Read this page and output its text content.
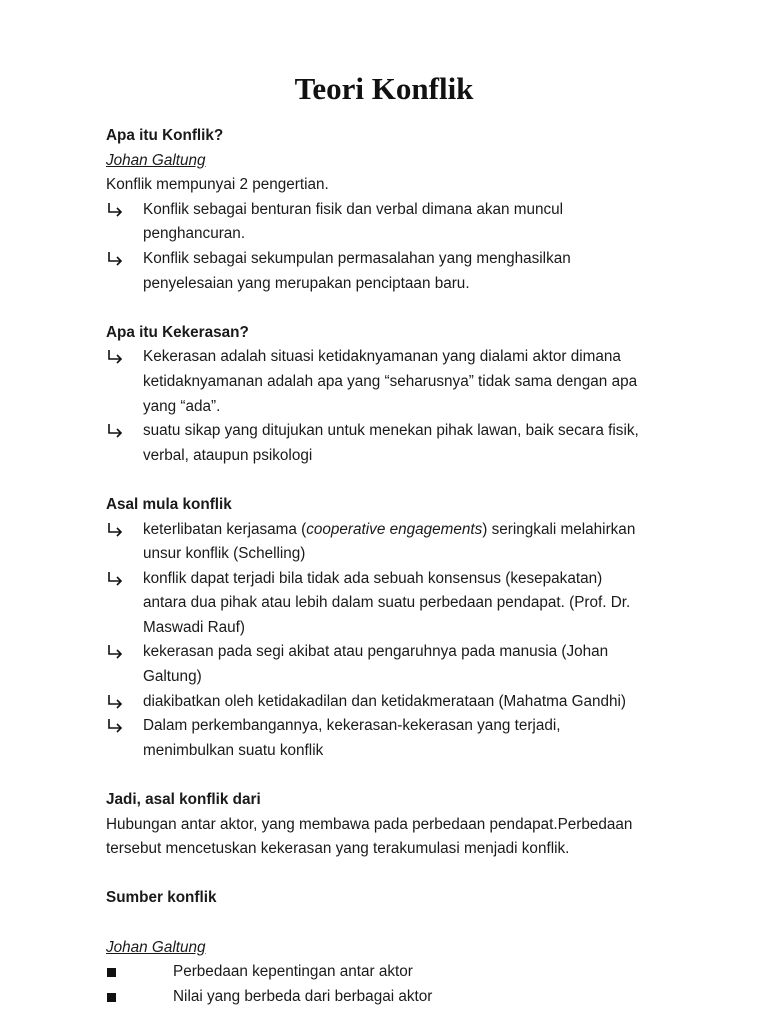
Teori Konflik
Apa itu Konflik?
Johan Galtung
Konflik mempunyai 2 pengertian.
Konflik sebagai benturan fisik dan verbal dimana akan muncul
penghancuran.
Konflik sebagai sekumpulan permasalahan yang menghasilkan
penyelesaian yang merupakan penciptaan baru.
Apa itu Kekerasan?
Kekerasan adalah situasi ketidaknyamanan yang dialami aktor dimana
ketidaknyamanan adalah apa yang “seharusnya” tidak sama dengan apa
yang “ada”.
suatu sikap yang ditujukan untuk menekan pihak lawan, baik secara fisik,
verbal, ataupun psikologi
Asal mula konflik
keterlibatan kerjasama (cooperative engagements) seringkali melahirkan
unsur konflik (Schelling)
konflik dapat terjadi bila tidak ada sebuah konsensus (kesepakatan)
antara dua pihak atau lebih dalam suatu perbedaan pendapat. (Prof. Dr.
Maswadi Rauf)
kekerasan pada segi akibat atau pengaruhnya pada manusia (Johan
Galtung)
diakibatkan oleh ketidakadilan dan ketidakmerataan (Mahatma Gandhi)
Dalam perkembangannya, kekerasan-kekerasan yang terjadi,
menimbulkan suatu konflik
Jadi, asal konflik dari
Hubungan antar aktor, yang membawa pada perbedaan pendapat.Perbedaan
tersebut mencetuskan kekerasan yang terakumulasi menjadi konflik.
Sumber konflik
Johan Galtung
Perbedaan kepentingan antar aktor
Nilai yang berbeda dari berbagai aktor
